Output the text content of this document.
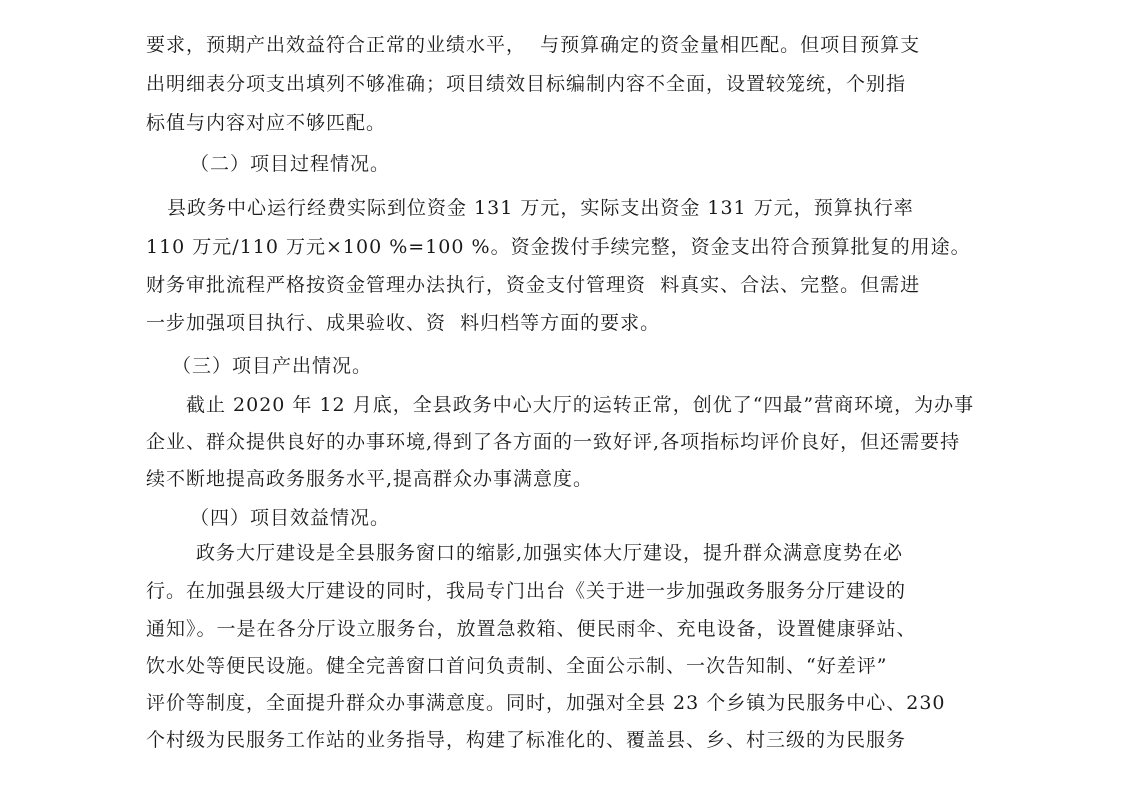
要求，预期产出效益符合正常的业绩水平，  与预算确定的资金量相匹配。但项目预算支
出明细表分项支出填列不够准确；项目绩效目标编制内容不全面，设置较笼统，个别指
标值与内容对应不够匹配。
（二）项目过程情况。
县政务中心运行经费实际到位资金 131 万元，实际支出资金 131 万元，预算执行率
110 万元/110 万元×100 %=100 %。资金拨付手续完整，资金支出符合预算批复的用途。
财务审批流程严格按资金管理办法执行，资金支付管理资  料真实、合法、完整。但需进
一步加强项目执行、成果验收、资  料归档等方面的要求。
（三）项目产出情况。
截止 2020 年 12 月底，全县政务中心大厅的运转正常，创优了“四最”营商环境，为办事
企业、群众提供良好的办事环境,得到了各方面的一致好评,各项指标均评价良好，但还需要持
续不断地提高政务服务水平,提高群众办事满意度。
（四）项目效益情况。
政务大厅建设是全县服务窗口的缩影,加强实体大厅建设，提升群众满意度势在必
行。在加强县级大厅建设的同时，我局专门出台《关于进一步加强政务服务分厅建设的
通知》。一是在各分厅设立服务台，放置急救箱、便民雨伞、充电设备，设置健康驿站、
饮水处等便民设施。健全完善窗口首问负责制、全面公示制、一次告知制、“好差评”
评价等制度，全面提升群众办事满意度。同时，加强对全县 23 个乡镇为民服务中心、230
个村级为民服务工作站的业务指导，构建了标准化的、覆盖县、乡、村三级的为民服务
